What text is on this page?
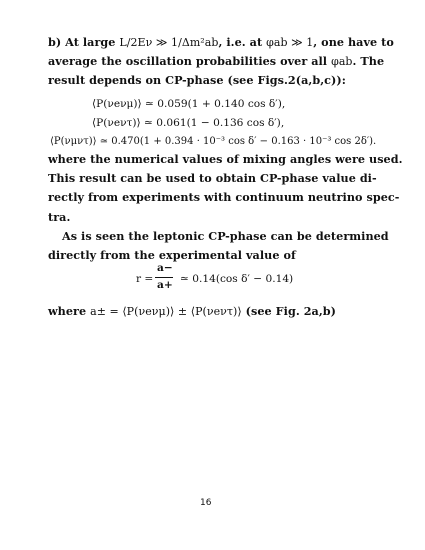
b) At large L/2Eν ≫ 1/Δm²ab, i.e. at φab ≫ 1, one have to
average the oscillation probabilities over all φab. The
result depends on CP-phase (see Figs.2(a,b,c)):
⟨P(νeνμ)⟩ ≃ 0.059(1 + 0.140 cos δ′),
⟨P(νeντ)⟩ ≃ 0.061(1 − 0.136 cos δ′),
⟨P(νμντ)⟩ ≃ 0.470(1 + 0.394 · 10⁻³ cos δ′ − 0.163 · 10⁻³ cos 2δ′).
where the numerical values of mixing angles were used.
This result can be used to obtain CP-phase value di-
rectly from experiments with continuum neutrino spec-
tra.
As is seen the leptonic CP-phase can be determined
directly from the experimental value of
r =
a−
a+ ≃ 0.14(cos δ′ − 0.14)
where a± = ⟨P(νeνμ)⟩ ± ⟨P(νeντ)⟩ (see Fig. 2a,b)
16
